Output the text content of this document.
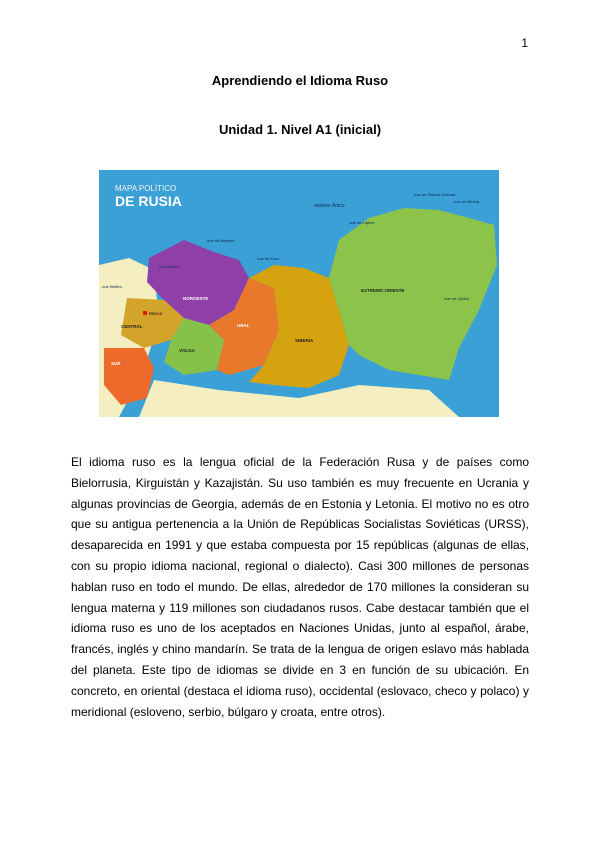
1
Aprendiendo el Idioma Ruso
Unidad 1. Nivel A1 (inicial)
MAPA POLÍTICO
DE RUSIA	océano Ártico
mar de Barents
mar de Kara
mar de Láptev
mar de Siberia Oriental
mar de Bering
mar de Ojotsk
mar Blanco
mar Báltico
NOROESTE
CENTRAL
VOLGA
SUR
URAL
SIBERIA
EXTREMO ORIENTE
Moscú

El idioma ruso es la lengua oficial de la Federación Rusa y de países como Bielorrusia, Kirguistán y Kazajistán. Su uso también es muy frecuente en Ucrania y algunas provincias de Georgia, además de en Estonia y Letonia. El motivo no es otro que su antigua pertenencia a la Unión de Repúblicas Socialistas Soviéticas (URSS), desaparecida en 1991 y que estaba compuesta por 15 repúblicas (algunas de ellas, con su propio idioma nacional, regional o dialecto). Casi 300 millones de personas hablan ruso en todo el mundo. De ellas, alrededor de 170 millones la consideran su lengua materna y 119 millones son ciudadanos rusos. Cabe destacar también que el idioma ruso es uno de los aceptados en Naciones Unidas, junto al español, árabe, francés, inglés y chino mandarín. Se trata de la lengua de origen eslavo más hablada del planeta. Este tipo de idiomas se divide en 3 en función de su ubicación. En concreto, en oriental (destaca el idioma ruso), occidental (eslovaco, checo y polaco) y meridional (esloveno, serbio, búlgaro y croata, entre otros).
